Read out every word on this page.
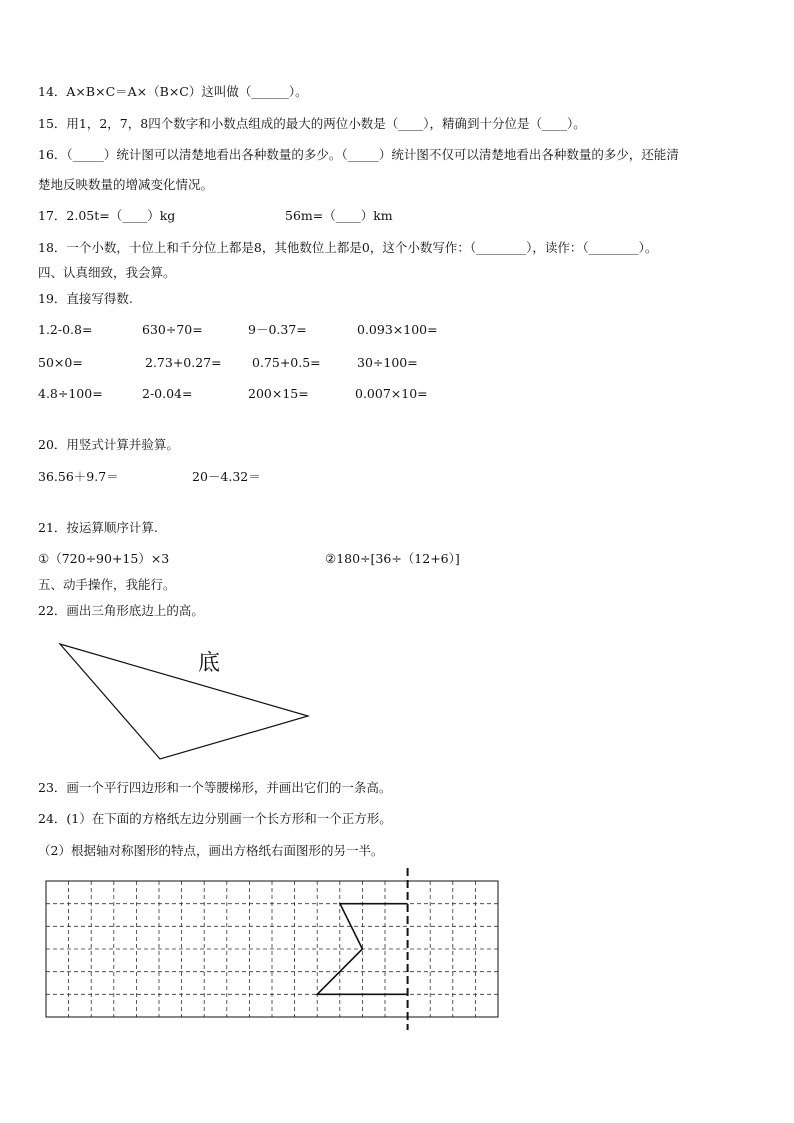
14．A×B×C＝A×（B×C）这叫做（______）。
15．用1，2，7，8四个数字和小数点组成的最大的两位小数是（____），精确到十分位是（____）。
16．（_____）统计图可以清楚地看出各种数量的多少。（_____）统计图不仅可以清楚地看出各种数量的多少，还能清
楚地反映数量的增减变化情况。
17．2.05t=（____）kg	56m=（____）km
18．一个小数，十位上和千分位上都是8，其他数位上都是0，这个小数写作：（________），读作：（________）。
四、认真细致，我会算。
19．直接写得数.
1.2-0.8=	630÷70=	9－0.37=	0.093×100=
50×0=	2.73+0.27= 0.75+0.5=	30÷100=
4.8÷100=	2-0.04=	200×15=	0.007×10=
20．用竖式计算并验算。
36.56＋9.7＝	20－4.32＝
21．按运算顺序计算.
①（720÷90+15）×3	②180÷[36÷（12+6）]
五、动手操作，我能行。
22．画出三角形底边上的高。
底
23．画一个平行四边形和一个等腰梯形，并画出它们的一条高。
24．(1）在下面的方格纸左边分别画一个长方形和一个正方形。
（2）根据轴对称图形的特点，画出方格纸右面图形的另一半。
